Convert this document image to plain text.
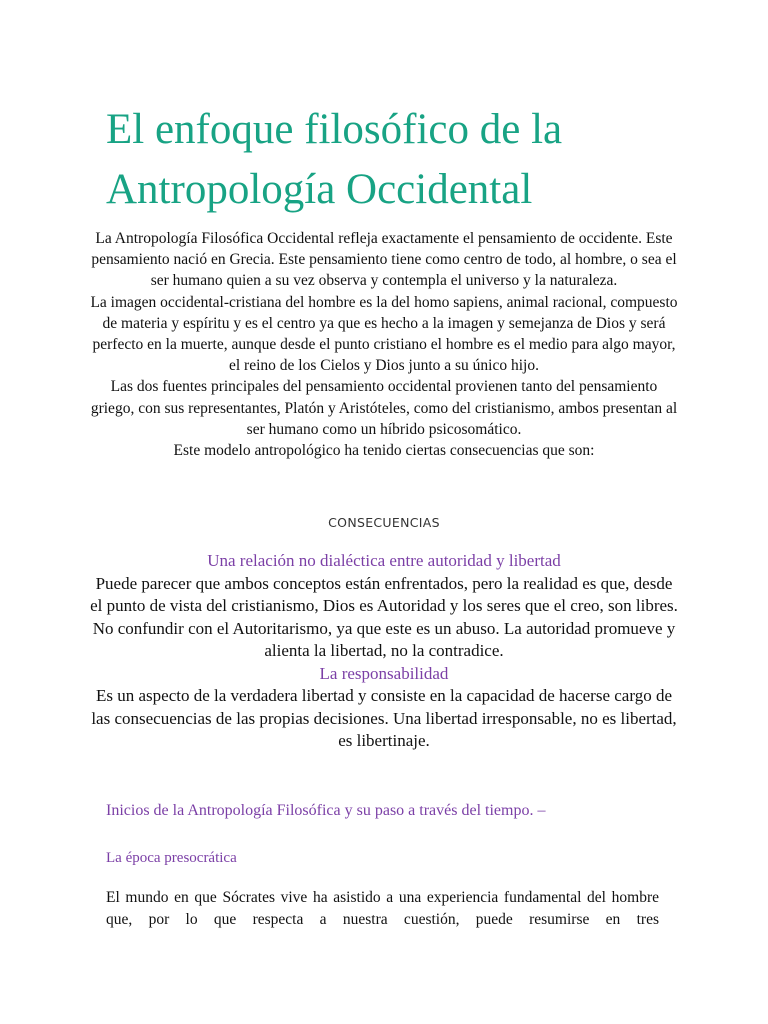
El enfoque filosófico de la
Antropología Occidental

La Antropología Filosófica Occidental refleja exactamente el pensamiento de occidente. Este pensamiento nació en Grecia. Este pensamiento tiene como centro de todo, al hombre, o sea el ser humano quien a su vez observa y contempla el universo y la naturaleza.

La imagen occidental-cristiana del hombre es la del homo sapiens, animal racional, compuesto de materia y espíritu y es el centro ya que es hecho a la imagen y semejanza de Dios y será perfecto en la muerte, aunque desde el punto cristiano el hombre es el medio para algo mayor, el reino de los Cielos y Dios junto a su único hijo.

Las dos fuentes principales del pensamiento occidental provienen tanto del pensamiento griego, con sus representantes, Platón y Aristóteles, como del cristianismo, ambos presentan al ser humano como un híbrido psicosomático.

Este modelo antropológico ha tenido ciertas consecuencias que son:

CONSECUENCIAS

Una relación no dialéctica entre autoridad y libertad

Puede parecer que ambos conceptos están enfrentados, pero la realidad es que, desde el punto de vista del cristianismo, Dios es Autoridad y los seres que el creo, son libres. No confundir con el Autoritarismo, ya que este es un abuso. La autoridad promueve y alienta la libertad, no la contradice.

La responsabilidad

Es un aspecto de la verdadera libertad y consiste en la capacidad de hacerse cargo de las consecuencias de las propias decisiones. Una libertad irresponsable, no es libertad, es libertinaje.

Inicios de la Antropología Filosófica y su paso a través del tiempo. –
La época presocrática
El mundo en que Sócrates vive ha asistido a una experiencia fundamental del hombre que, por lo que respecta a nuestra cuestión, puede resumirse en tres
